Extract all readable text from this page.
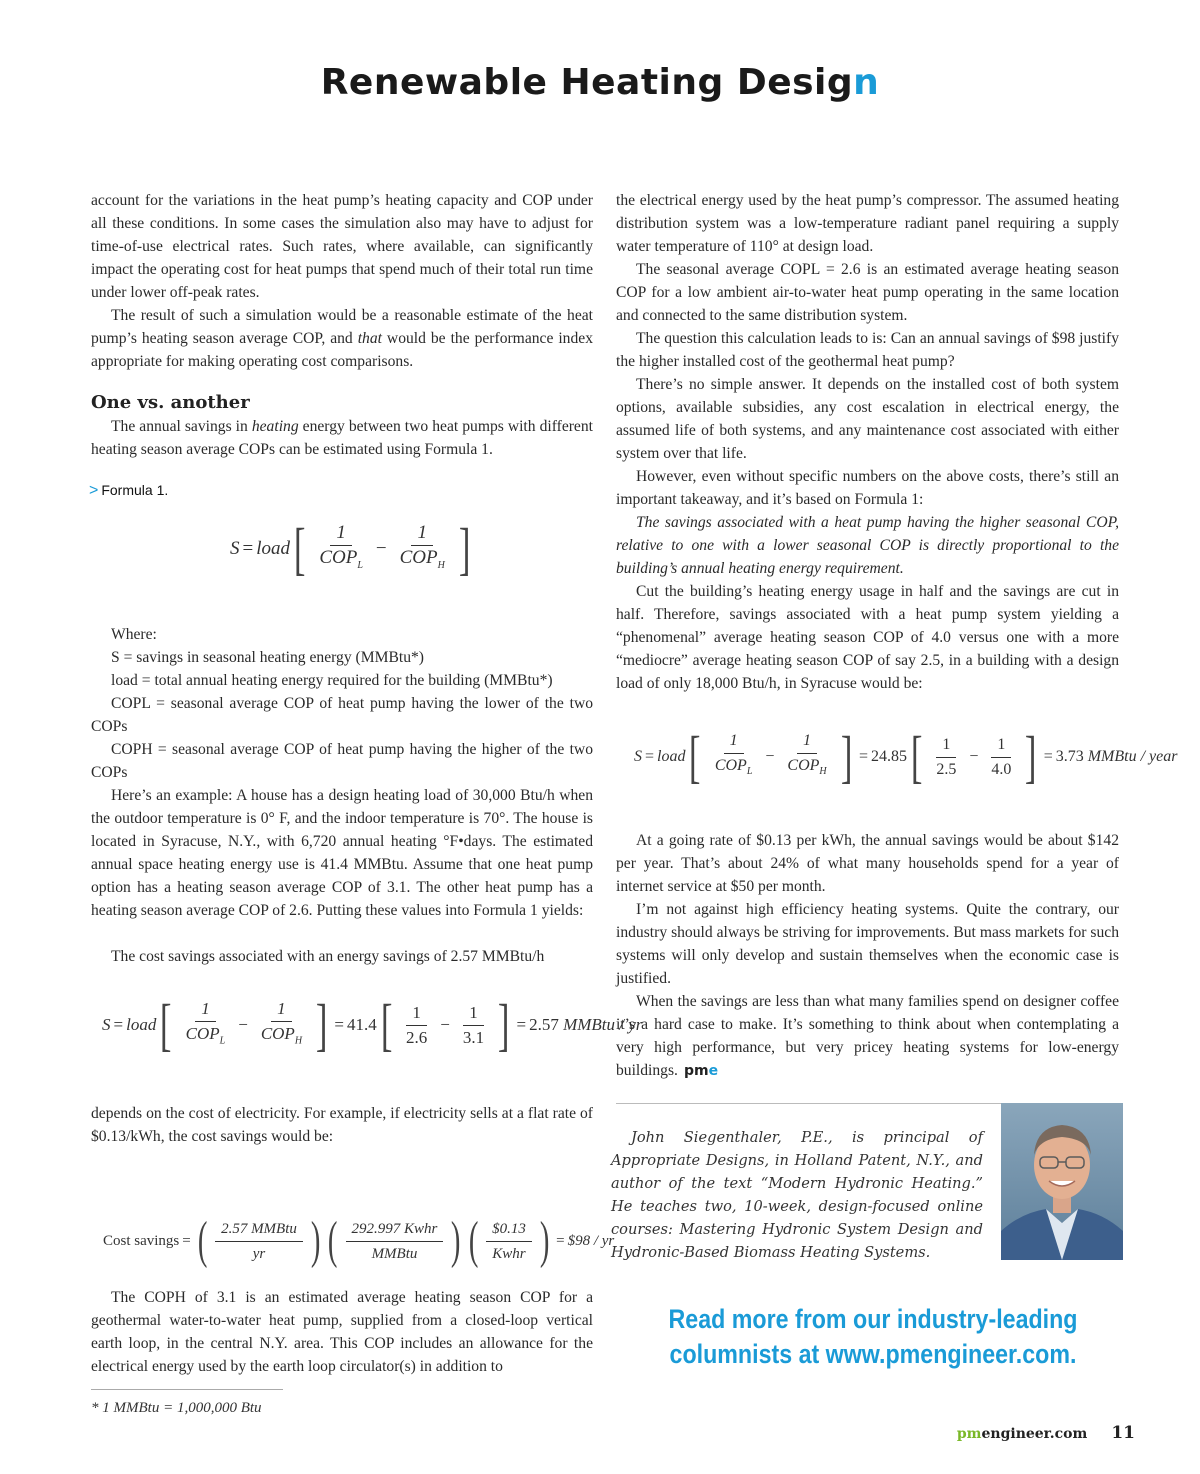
Renewable Heating Design

account for the variations in the heat pump’s heating capacity and COP under all these conditions. In some cases the simulation also may have to adjust for time-of-use electrical rates. Such rates, where available, can significantly impact the operating cost for heat pumps that spend much of their total run time under lower off-peak rates.

The result of such a simulation would be a reasonable estimate of the heat pump’s heating season average COP, and that would be the performance index appropriate for making operating cost comparisons.

One vs. another

The annual savings in heating energy between two heat pumps with different heating season average COPs can be estimated using Formula 1.

> Formula 1.
S = load [ $\frac{1}{COP_L} - \frac{1}{COP_H}$ ]

Where:

S = savings in seasonal heating energy (MMBtu*)

load = total annual heating energy required for the building (MMBtu*)

COPL = seasonal average COP of heat pump having the lower of the two COPs

COPH = seasonal average COP of heat pump having the higher of the two COPs

Here’s an example: A house has a design heating load of 30,000 Btu/h when the outdoor temperature is 0° F, and the indoor temperature is 70°. The house is located in Syracuse, N.Y., with 6,720 annual heating °F•days. The estimated annual space heating energy use is 41.4 MMBtu. Assume that one heat pump option has a heating season average COP of 3.1. The other heat pump has a heating season average COP of 2.6. Putting these values into Formula 1 yields:

The cost savings associated with an energy savings of 2.57 MMBtu/h

S = load [ $\frac{1}{COP_L} - \frac{1}{COP_H}$ ] = 41.4 [ $\frac{1}{2.6} - \frac{1}{3.1}$ ] = 2.57
MMBtu / yr

depends on the cost of electricity. For example, if electricity sells at a flat rate of $0.13/kWh, the cost savings would be:

Cost savings = ( $\frac{\text{2.57 MMBtu}}{yr}$ ) ( $\frac{\text{292.997 Kwhr}}{\text{MMBtu}}$ ) ( $\frac{\$0.13}{\text{Kwhr}}$ ) = $98 / yr

The COPH of 3.1 is an estimated average heating season COP for a geothermal water-to-water heat pump, supplied from a closed-loop vertical earth loop, in the central N.Y. area. This COP includes an allowance for the electrical energy used by the earth loop circulator(s) in addition to

* 1 MMBtu = 1,000,000 Btu

the electrical energy used by the heat pump’s compressor. The assumed heating distribution system was a low-temperature radiant panel requiring a supply water temperature of 110° at design load.

The seasonal average COPL = 2.6 is an estimated average heating season COP for a low ambient air-to-water heat pump operating in the same location and connected to the same distribution system.

The question this calculation leads to is: Can an annual savings of $98 justify the higher installed cost of the geothermal heat pump?

There’s no simple answer. It depends on the installed cost of both system options, available subsidies, any cost escalation in electrical energy, the assumed life of both systems, and any maintenance cost associated with either system over that life.

However, even without specific numbers on the above costs, there’s still an important takeaway, and it’s based on Formula 1:

The savings associated with a heat pump having the higher seasonal COP, relative to one with a lower seasonal COP is directly proportional to the building’s annual heating energy requirement.

Cut the building’s heating energy usage in half and the savings are cut in half. Therefore, savings associated with a heat pump system yielding a “phenomenal” average heating season COP of 4.0 versus one with a more “mediocre” average heating season COP of say 2.5, in a building with a design load of only 18,000 Btu/h, in Syracuse would be:

S = load [ $\frac{1}{COP_L} - \frac{1}{COP_H}$ ] = 24.85 [ $\frac{1}{2.5} - \frac{1}{4.0}$ ] = 3.73
MMBtu / year

At a going rate of $0.13 per kWh, the annual savings would be about $142 per year. That’s about 24% of what many households spend for a year of internet service at $50 per month.

I’m not against high efficiency heating systems. Quite the contrary, our industry should always be striving for improvements. But mass markets for such systems will only develop and sustain themselves when the economic case is justified.

When the savings are less than what many families spend on designer coffee it’s a hard case to make. It’s something to think about when contemplating a very high performance, but very pricey heating systems for low-energy buildings. pme

John Siegenthaler, P.E., is principal of Appropriate Designs, in Holland Patent, N.Y., and author of the text “Modern Hydronic Heating.” He teaches two, 10-week, design-focused online courses: Mastering Hydronic System Design and Hydronic-Based Biomass Heating Systems.
Read more from our industry-leading
columnists at www.pmengineer.com.
pmengineer.com 11
